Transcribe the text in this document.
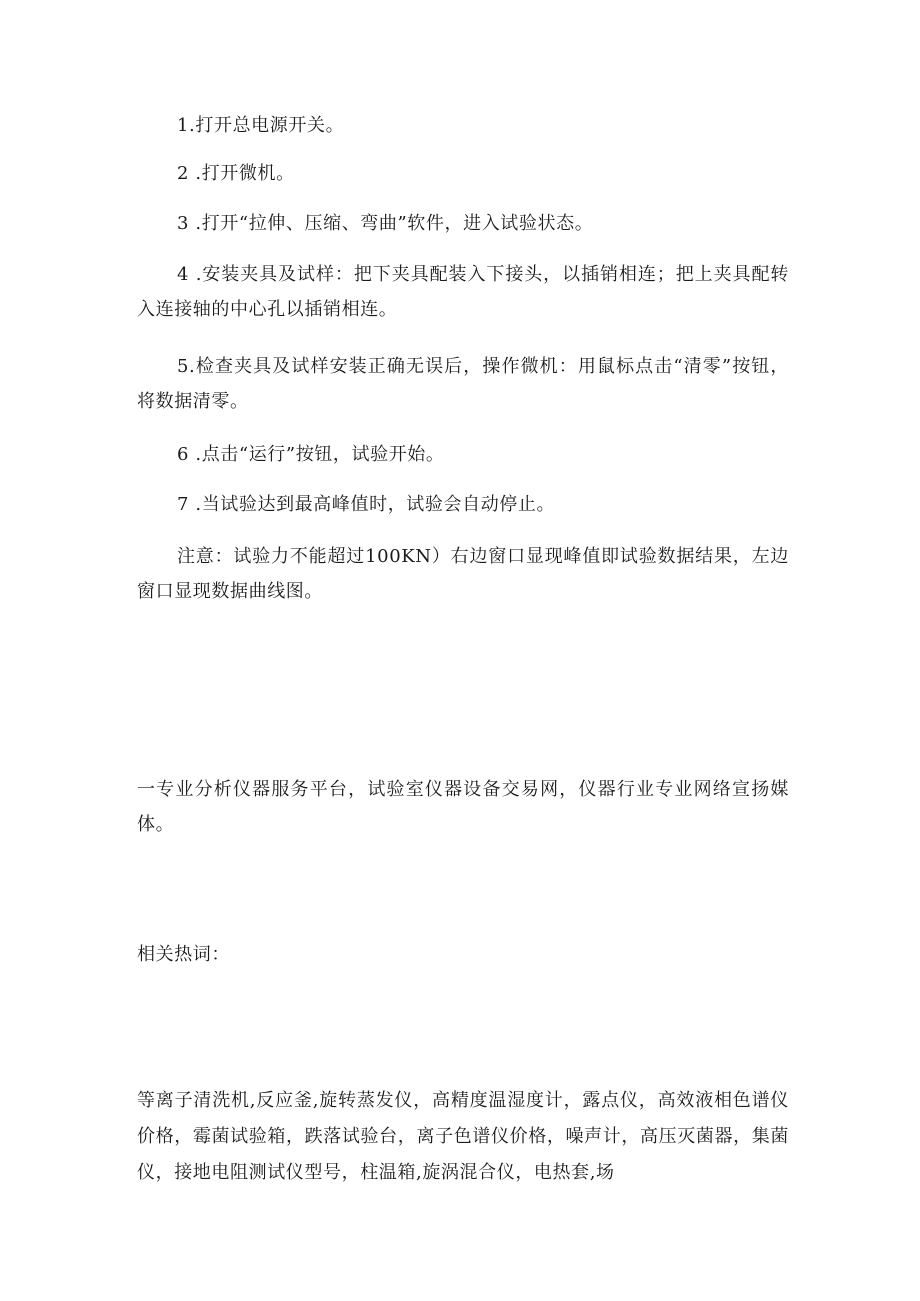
1.打开总电源开关。

2 .打开微机。

3 .打开“拉伸、压缩、弯曲”软件，进入试验状态。

4 .安装夹具及试样：把下夹具配装入下接头，以插销相连；把上夹具配转入连接轴的中心孔以插销相连。

5.检查夹具及试样安装正确无误后，操作微机：用鼠标点击“清零”按钮，将数据清零。

6 .点击“运行”按钮，试验开始。

7 .当试验达到最高峰值时，试验会自动停止。

注意：试验力不能超过100KN）右边窗口显现峰值即试验数据结果，左边窗口显现数据曲线图。

一专业分析仪器服务平台，试验室仪器设备交易网，仪器行业专业网络宣扬媒体。

相关热词：

等离子清洗机,反应釜,旋转蒸发仪，高精度温湿度计，露点仪，高效液相色谱仪价格，霉菌试验箱，跌落试验台，离子色谱仪价格，噪声计，高压灭菌器，集菌仪，接地电阻测试仪型号，柱温箱,旋涡混合仪，电热套,场
